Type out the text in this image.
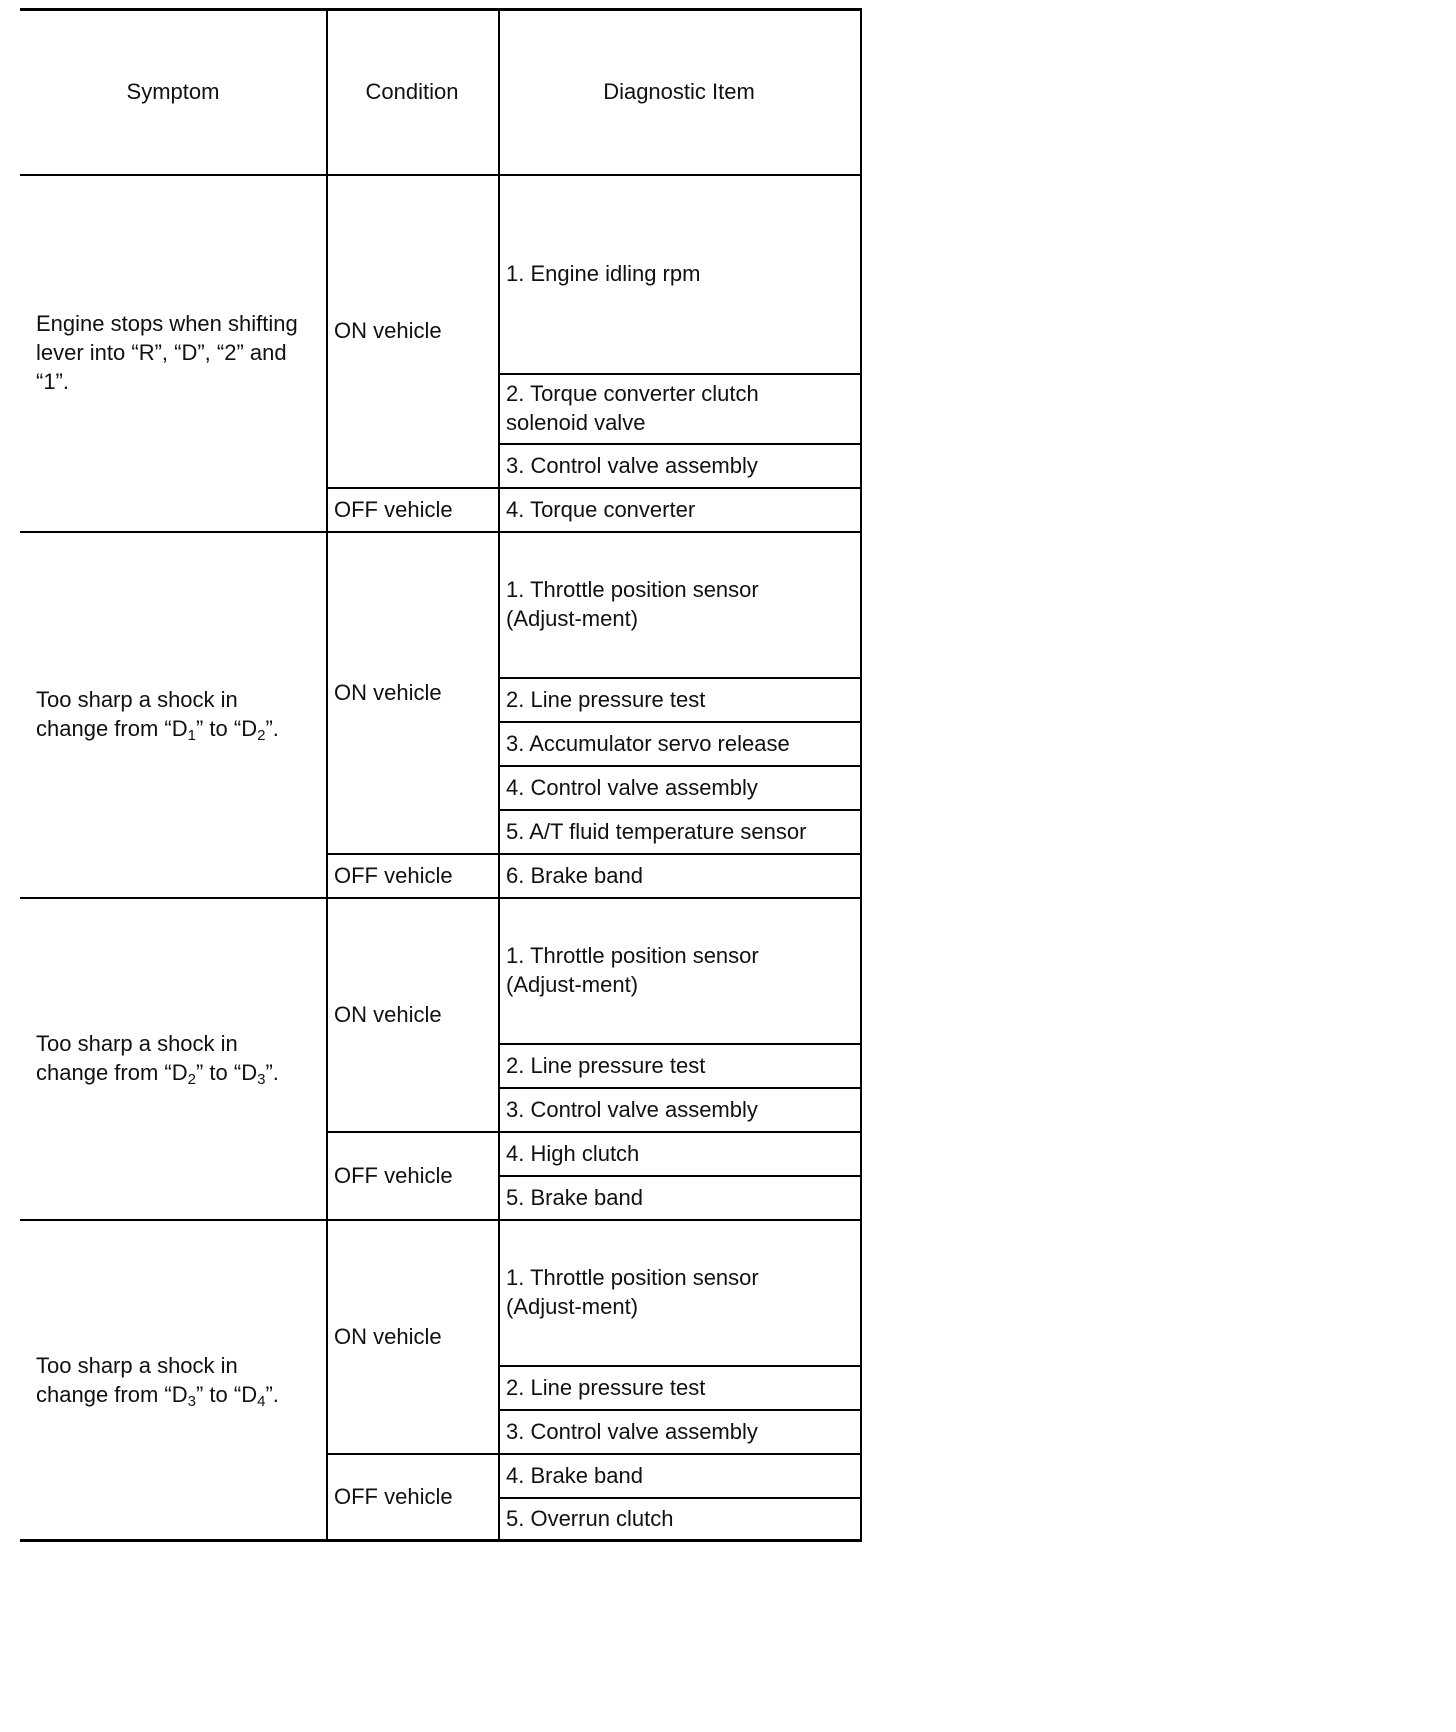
Symptom	Condition	Diagnostic Item
Engine stops when shifting lever into “R”, “D”, “2” and “1”.
ON vehicle
OFF vehicle
1. Engine idling rpm
2. Torque converter clutch solenoid valve
3. Control valve assembly
4. Torque converter
Too sharp a shock in change from “$D_1$” to “$D_2$”.
ON vehicle
OFF vehicle
1. Throttle position sensor (Adjust-ment)
2. Line pressure test
3. Accumulator servo release
4. Control valve assembly
5. A/T fluid temperature sensor
6. Brake band
Too sharp a shock in change from “$D_2$” to “$D_3$”.
ON vehicle
OFF vehicle
1. Throttle position sensor (Adjust-ment)
2. Line pressure test
3. Control valve assembly
4. High clutch
5. Brake band
Too sharp a shock in change from “$D_3$” to “$D_4$”.
ON vehicle
OFF vehicle
1. Throttle position sensor (Adjust-ment)
2. Line pressure test
3. Control valve assembly
4. Brake band
5. Overrun clutch
